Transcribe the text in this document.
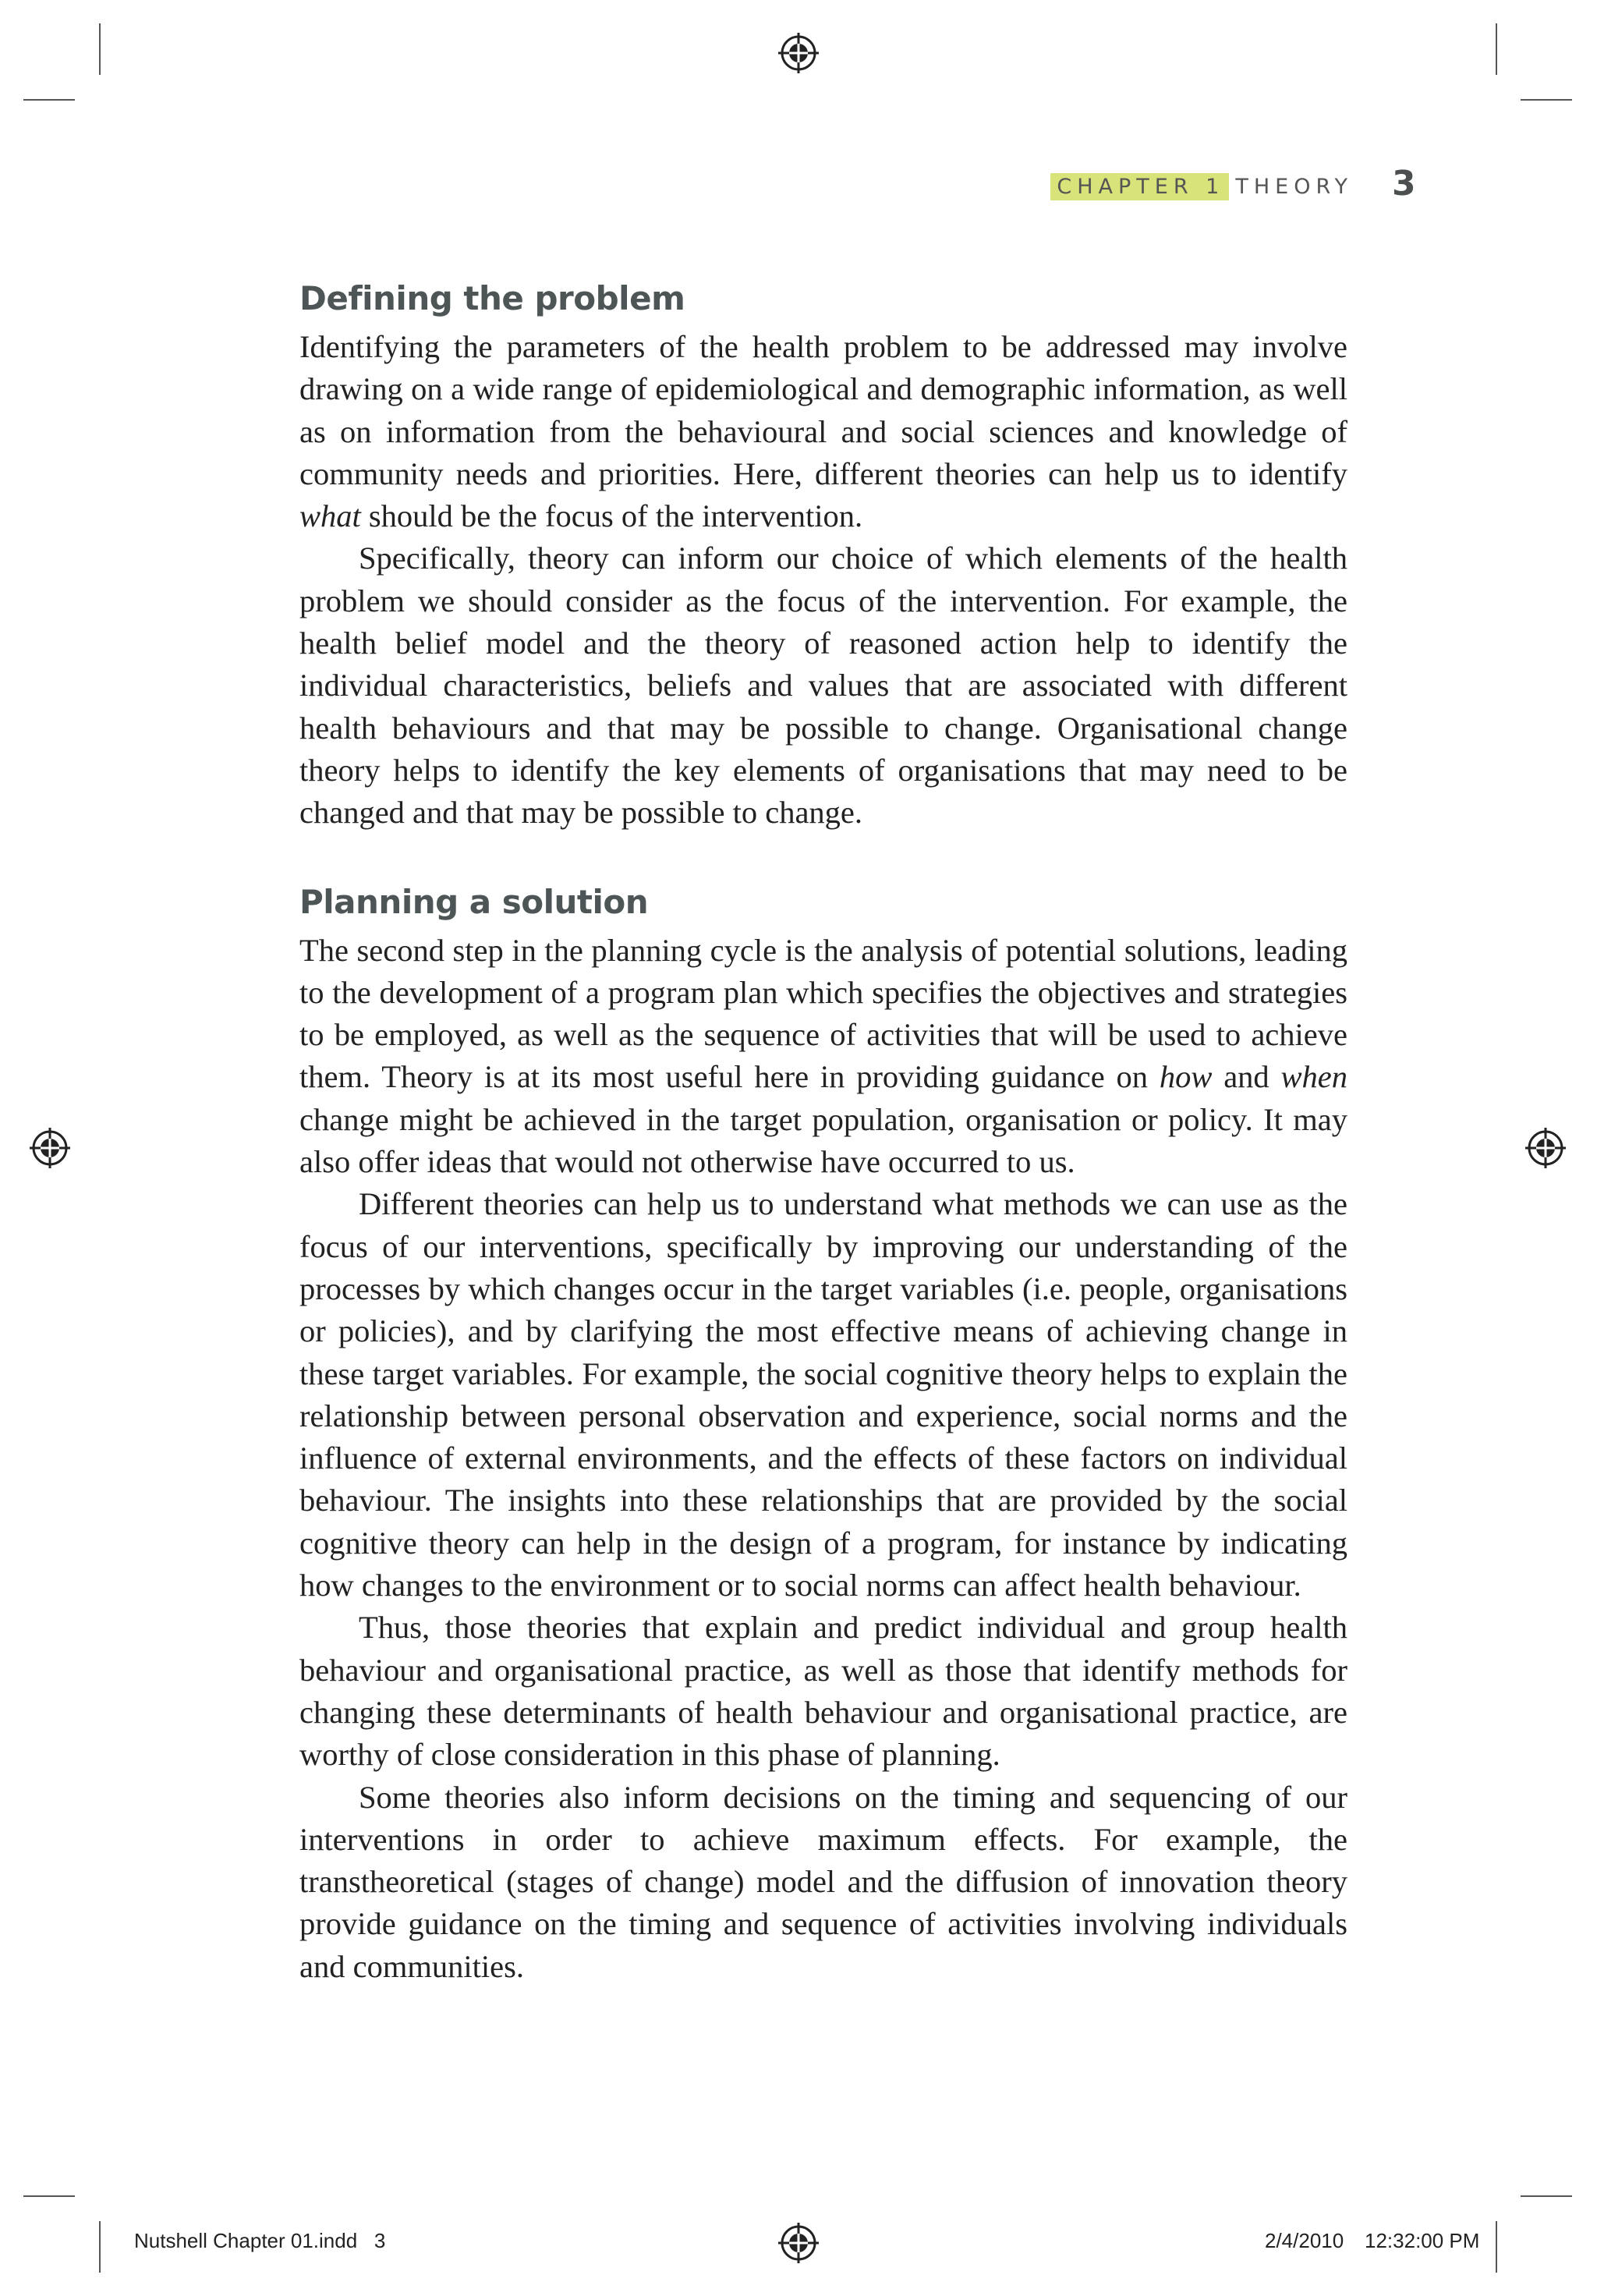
CHAPTER 1 THEORY 3
Defining the problem

Identifying the parameters of the health problem to be addressed may involve drawing on a wide range of epidemiological and demographic information, as well as on information from the behavioural and social sciences and knowledge of community needs and priorities. Here, different theories can help us to identify what should be the focus of the intervention.

Specifically, theory can inform our choice of which elements of the health problem we should consider as the focus of the intervention. For example, the health belief model and the theory of reasoned action help to identify the individual characteristics, beliefs and values that are associated with different health behaviours and that may be possible to change. Organisational change theory helps to identify the key elements of organisations that may need to be changed and that may be possible to change.

Planning a solution

The second step in the planning cycle is the analysis of potential solutions, leading to the development of a program plan which specifies the objectives and strategies to be employed, as well as the sequence of activities that will be used to achieve them. Theory is at its most useful here in providing guidance on how and when change might be achieved in the target population, organisation or policy. It may also offer ideas that would not otherwise have occurred to us.

Different theories can help us to understand what methods we can use as the focus of our interventions, specifically by improving our understanding of the processes by which changes occur in the target variables (i.e. people, organisations or policies), and by clarifying the most effective means of achieving change in these target variables. For example, the social cognitive theory helps to explain the relationship between personal observation and experience, social norms and the influence of external environments, and the effects of these factors on individual behaviour. The insights into these relationships that are provided by the social cognitive theory can help in the design of a program, for instance by indicating how changes to the environment or to social norms can affect health behaviour.

Thus, those theories that explain and predict individual and group health behaviour and organisational practice, as well as those that identify methods for changing these determinants of health behaviour and organisational practice, are worthy of close consideration in this phase of planning.

Some theories also inform decisions on the timing and sequencing of our interventions in order to achieve maximum effects. For example, the transtheoretical (stages of change) model and the diffusion of innovation theory provide guidance on the timing and sequence of activities involving individuals and communities.

Nutshell Chapter 01.indd   3	2/4/2010 12:32:00 PM
